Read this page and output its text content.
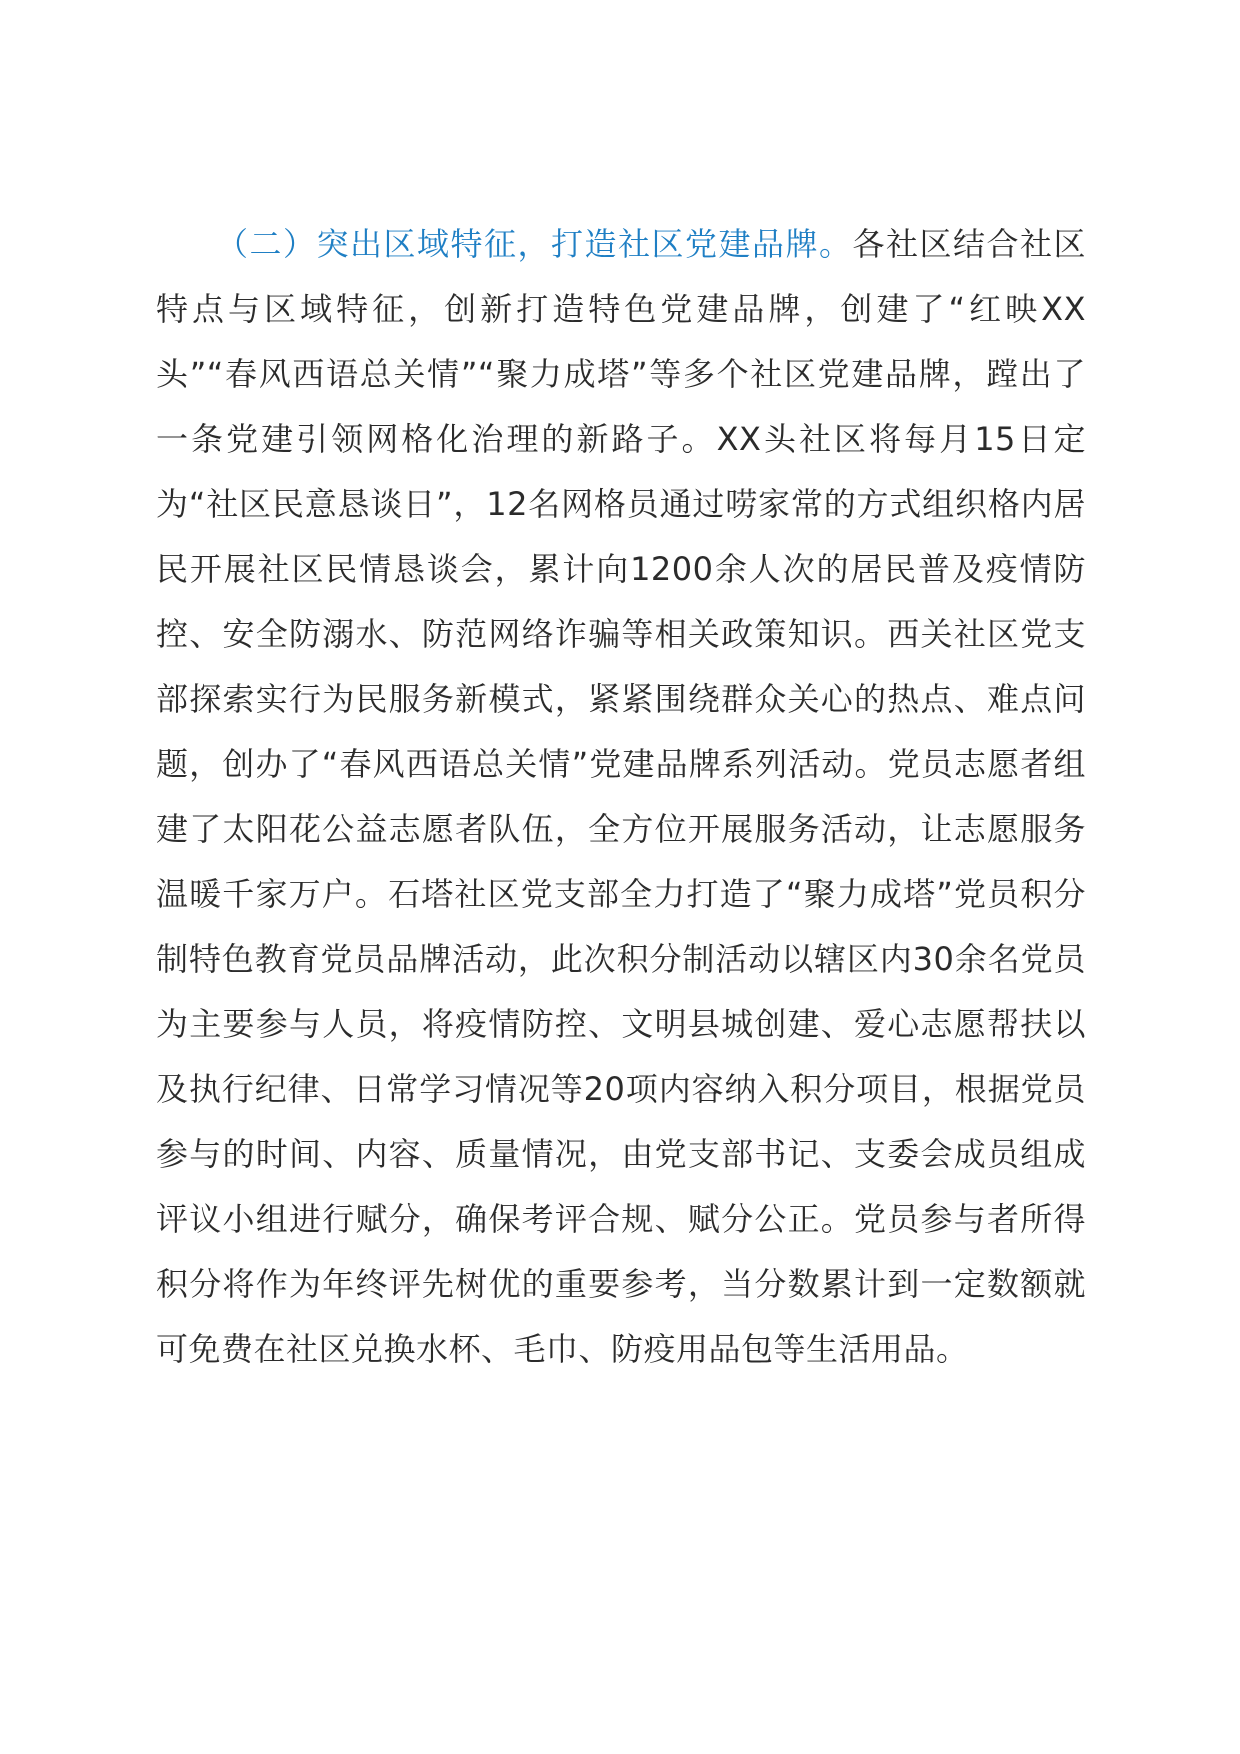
（二）突出区域特征，打造社区党建品牌。各社区结合社区特点与区域特征，创新打造特色党建品牌，创建了“红映XX头”“春风西语总关情”“聚力成塔”等多个社区党建品牌，蹚出了一条党建引领网格化治理的新路子。XX头社区将每月15日定为“社区民意恳谈日”，12名网格员通过唠家常的方式组织格内居民开展社区民情恳谈会，累计向1200余人次的居民普及疫情防控、安全防溺水、防范网络诈骗等相关政策知识。西关社区党支部探索实行为民服务新模式，紧紧围绕群众关心的热点、难点问题，创办了“春风西语总关情”党建品牌系列活动。党员志愿者组建了太阳花公益志愿者队伍，全方位开展服务活动，让志愿服务温暖千家万户。石塔社区党支部全力打造了“聚力成塔”党员积分制特色教育党员品牌活动，此次积分制活动以辖区内30余名党员为主要参与人员，将疫情防控、文明县城创建、爱心志愿帮扶以及执行纪律、日常学习情况等20项内容纳入积分项目，根据党员参与的时间、内容、质量情况，由党支部书记、支委会成员组成评议小组进行赋分，确保考评合规、赋分公正。党员参与者所得积分将作为年终评先树优的重要参考，当分数累计到一定数额就可免费在社区兑换水杯、毛巾、防疫用品包等生活用品。
